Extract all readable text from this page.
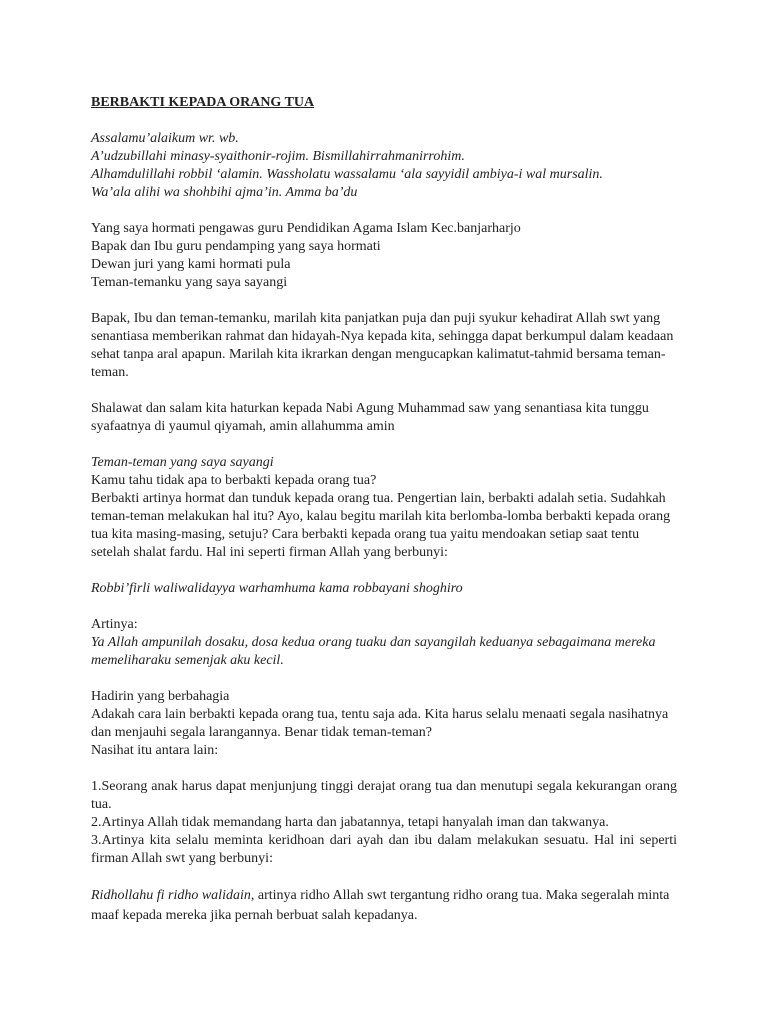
BERBAKTI KEPADA ORANG TUA
Assalamu’alaikum wr. wb.
A’udzubillahi minasy-syaithonir-rojim. Bismillahirrahmanirrohim.
Alhamdulillahi robbil ‘alamin. Wassholatu wassalamu ‘ala sayyidil ambiya-i wal mursalin.
Wa’ala alihi wa shohbihi ajma’in. Amma ba’du
Yang saya hormati pengawas guru Pendidikan Agama Islam Kec.banjarharjo
Bapak dan Ibu guru pendamping yang saya hormati
Dewan juri yang kami hormati pula
Teman-temanku yang saya sayangi
Bapak, Ibu dan teman-temanku, marilah kita panjatkan puja dan puji syukur kehadirat Allah swt yang senantiasa memberikan rahmat dan hidayah-Nya kepada kita, sehingga dapat berkumpul dalam keadaan sehat tanpa aral apapun. Marilah kita ikrarkan dengan mengucapkan kalimatut-tahmid bersama teman-teman.
Shalawat dan salam kita haturkan kepada Nabi Agung Muhammad saw yang senantiasa kita tunggu syafaatnya di yaumul qiyamah, amin allahumma amin
Teman-teman yang saya sayangi
Kamu tahu tidak apa to berbakti kepada orang tua?
Berbakti artinya hormat dan tunduk kepada orang tua. Pengertian lain, berbakti adalah setia. Sudahkah teman-teman melakukan hal itu? Ayo, kalau begitu marilah kita berlomba-lomba berbakti kepada orang tua kita masing-masing, setuju? Cara berbakti kepada orang tua yaitu mendoakan setiap saat tentu setelah shalat fardu. Hal ini seperti firman Allah yang berbunyi:
Robbi’firli waliwalidayya warhamhuma kama robbayani shoghiro
Artinya:
Ya Allah ampunilah dosaku, dosa kedua orang tuaku dan sayangilah keduanya sebagaimana mereka memeliharaku semenjak aku kecil.
Hadirin yang berbahagia
Adakah cara lain berbakti kepada orang tua, tentu saja ada. Kita harus selalu menaati segala nasihatnya dan menjauhi segala larangannya. Benar tidak teman-teman?
Nasihat itu antara lain:
1.Seorang anak harus dapat menjunjung tinggi derajat orang tua dan menutupi segala kekurangan orang tua.
2.Artinya Allah tidak memandang harta dan jabatannya, tetapi hanyalah iman dan takwanya.
3.Artinya kita selalu meminta keridhoan dari ayah dan ibu dalam melakukan sesuatu. Hal ini seperti firman Allah swt yang berbunyi:
Ridhollahu fi ridho walidain, artinya ridho Allah swt tergantung ridho orang tua. Maka segeralah minta maaf kepada mereka jika pernah berbuat salah kepadanya.
